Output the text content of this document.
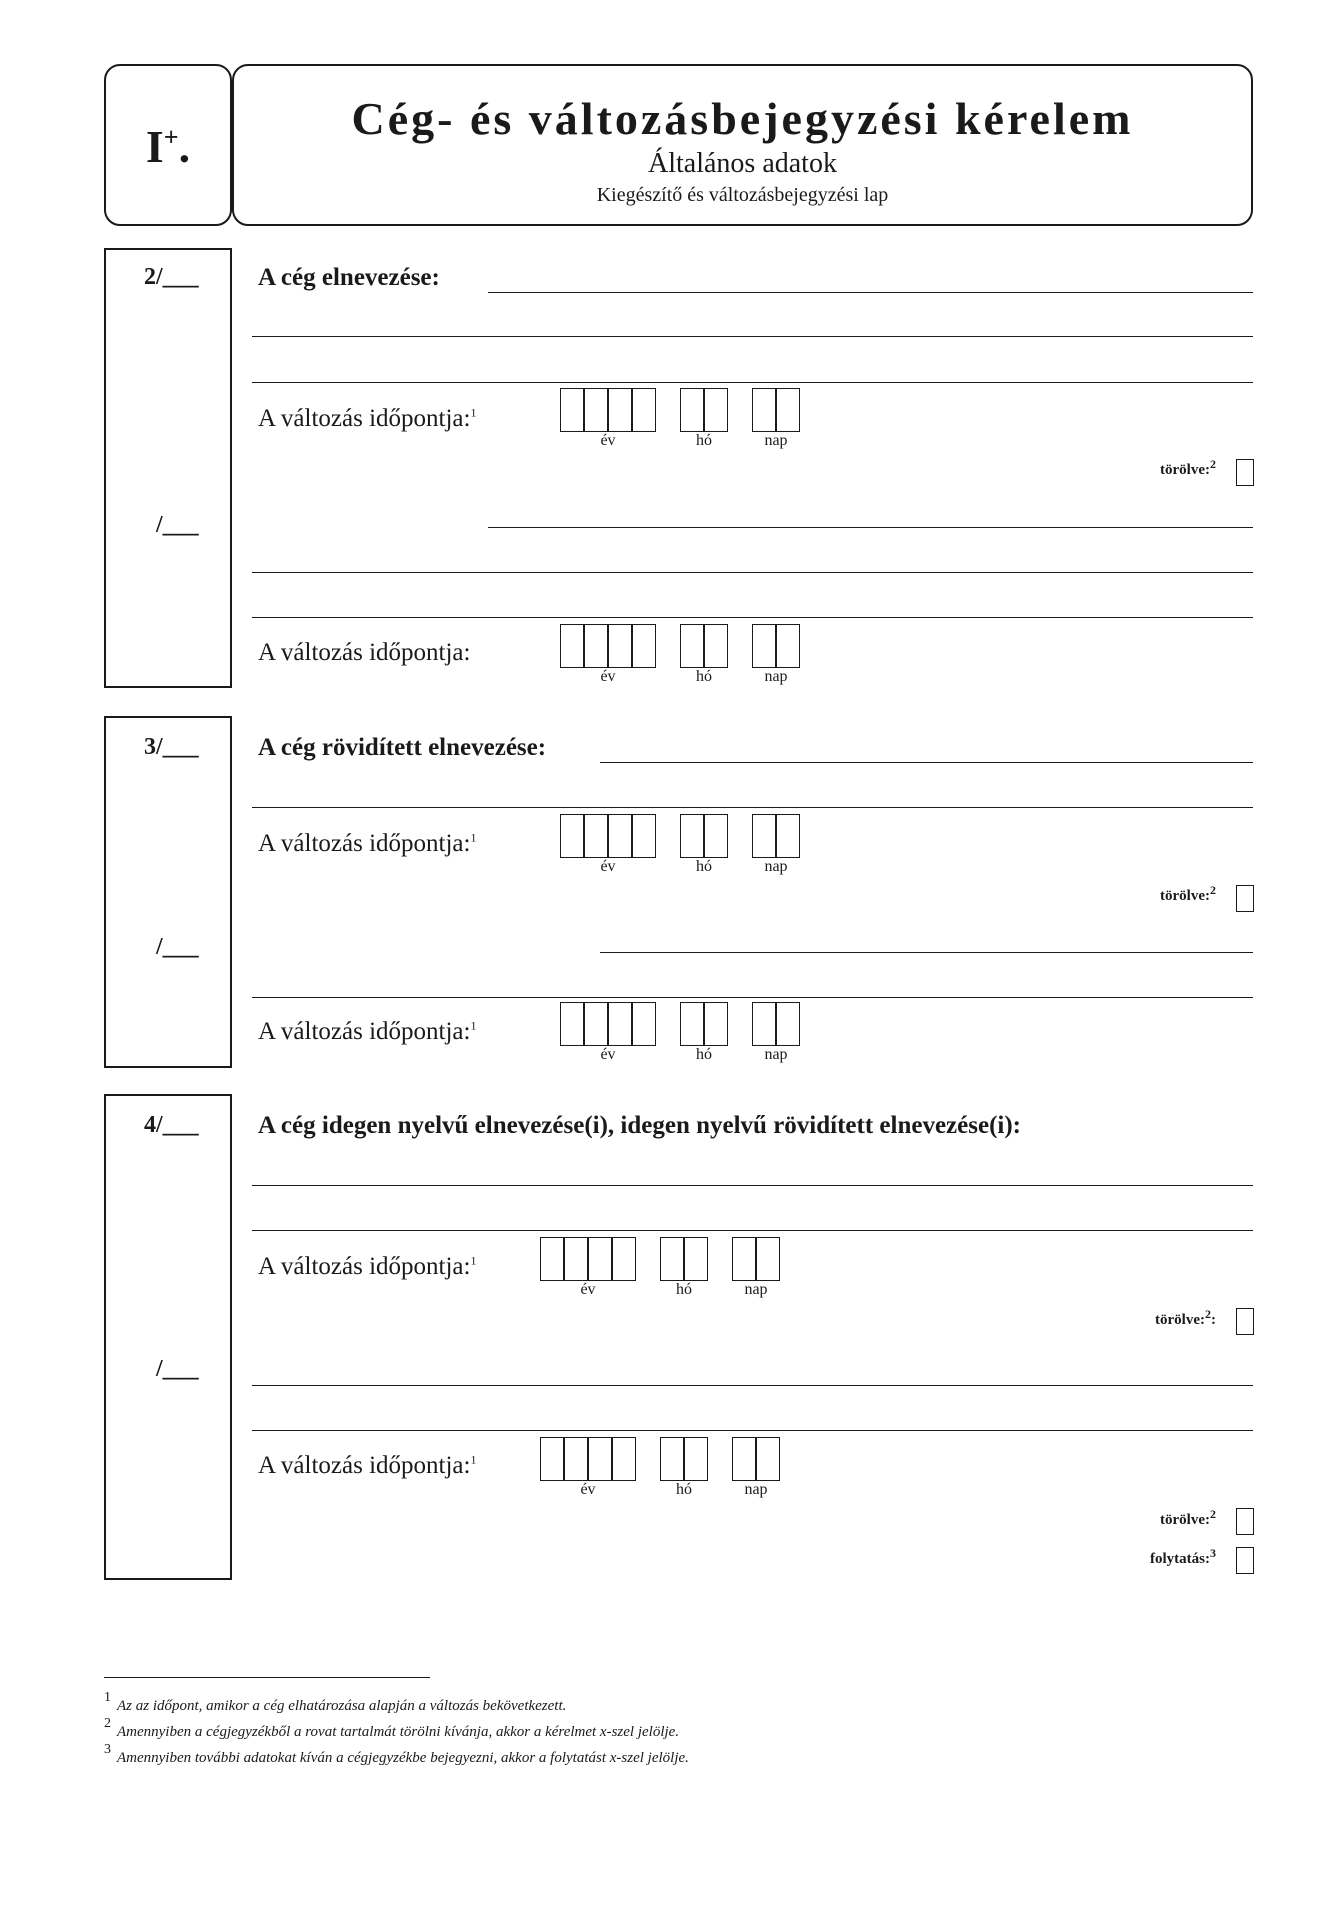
I+.
Cég- és változásbejegyzési kérelem
Általános adatok
Kiegészítő és változásbejegyzési lap
2/___
/___
A cég elnevezése:
A változás időpontja:$^1$
év	hó	nap
törölve:$^2$
A változás időpontja:
év	hó	nap
3/___
/___
A cég rövidített elnevezése:
A változás időpontja:$^1$
év	hó	nap
törölve:$^2$
A változás időpontja:$^1$
év	hó	nap
4/___
/___
A cég idegen nyelvű elnevezése(i), idegen nyelvű rövidített elnevezése(i):
A változás időpontja:$^1$
év	hó	nap
törölve:$^2$:
A változás időpontja:$^1$
év	hó	nap
törölve:$^2$
folytatás:$^3$
$^1$Az az időpont, amikor a cég elhatározása alapján a változás bekövetkezett.
$^2$Amennyiben a cégjegyzékből a rovat tartalmát törölni kívánja, akkor a kérelmet x-szel jelölje.
$^3$Amennyiben további adatokat kíván a cégjegyzékbe bejegyezni, akkor a folytatást x-szel jelölje.
